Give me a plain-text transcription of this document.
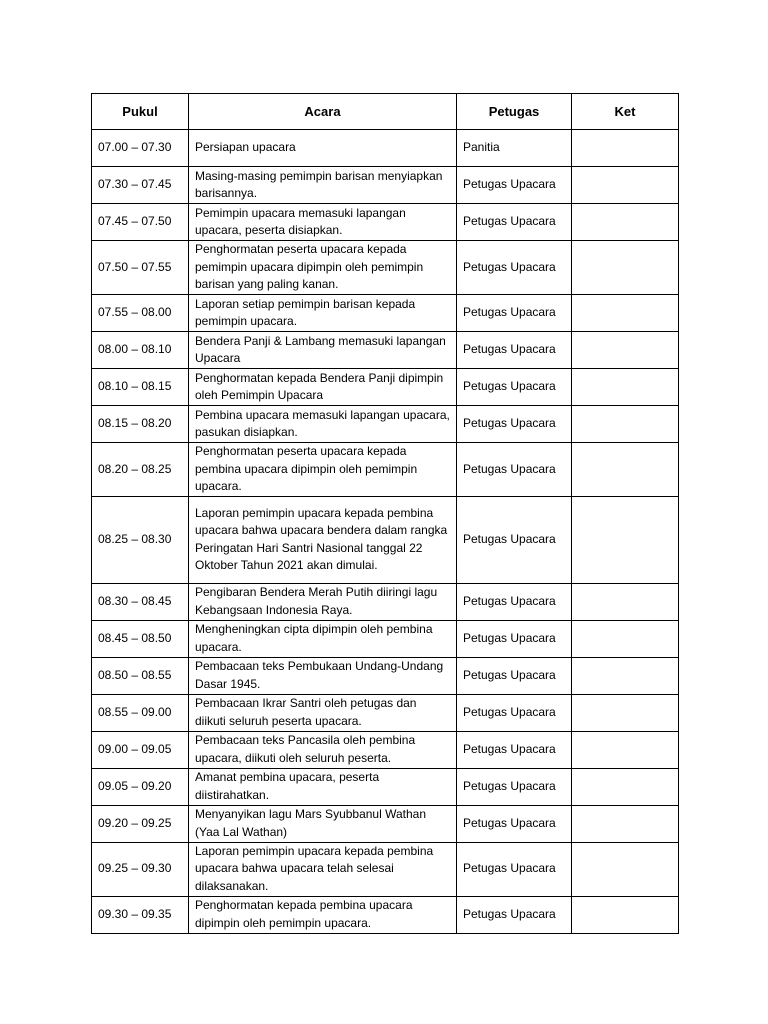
Pukul	Acara	Petugas	Ket
07.00 – 07.30	Persiapan upacara	Panitia	
07.30 – 07.45	Masing-masing pemimpin barisan menyiapkan barisannya.	Petugas Upacara	
07.45 – 07.50	Pemimpin upacara memasuki lapangan upacara, peserta disiapkan.	Petugas Upacara	
07.50 – 07.55	Penghormatan peserta upacara kepada pemimpin upacara dipimpin oleh pemimpin barisan yang paling kanan.	Petugas Upacara	
07.55 – 08.00	Laporan setiap pemimpin barisan kepada pemimpin upacara.	Petugas Upacara	
08.00 – 08.10	Bendera Panji & Lambang memasuki lapangan Upacara	Petugas Upacara	
08.10 – 08.15	Penghormatan kepada Bendera Panji dipimpin oleh Pemimpin Upacara	Petugas Upacara	
08.15 – 08.20	Pembina upacara memasuki lapangan upacara, pasukan disiapkan.	Petugas Upacara	
08.20 – 08.25	Penghormatan peserta upacara kepada pembina upacara dipimpin oleh pemimpin upacara.	Petugas Upacara	
08.25 – 08.30	Laporan pemimpin upacara kepada pembina upacara bahwa upacara bendera dalam rangka Peringatan Hari Santri Nasional tanggal 22 Oktober Tahun 2021 akan dimulai.	Petugas Upacara	
08.30 – 08.45	Pengibaran Bendera Merah Putih diiringi lagu Kebangsaan Indonesia Raya.	Petugas Upacara	
08.45 – 08.50	Mengheningkan cipta dipimpin oleh pembina upacara.	Petugas Upacara	
08.50 – 08.55	Pembacaan teks Pembukaan Undang-Undang Dasar 1945.	Petugas Upacara	
08.55 – 09.00	Pembacaan Ikrar Santri oleh petugas dan diikuti seluruh peserta upacara.	Petugas Upacara	
09.00 – 09.05	Pembacaan teks Pancasila oleh pembina upacara, diikuti oleh seluruh peserta.	Petugas Upacara	
09.05 – 09.20	Amanat pembina upacara, peserta diistirahatkan.	Petugas Upacara	
09.20 – 09.25	Menyanyikan lagu Mars Syubbanul Wathan (Yaa Lal Wathan)	Petugas Upacara	
09.25 – 09.30	Laporan pemimpin upacara kepada pembina upacara bahwa upacara telah selesai dilaksanakan.	Petugas Upacara	
09.30 – 09.35	Penghormatan kepada pembina upacara dipimpin oleh pemimpin upacara.	Petugas Upacara	
